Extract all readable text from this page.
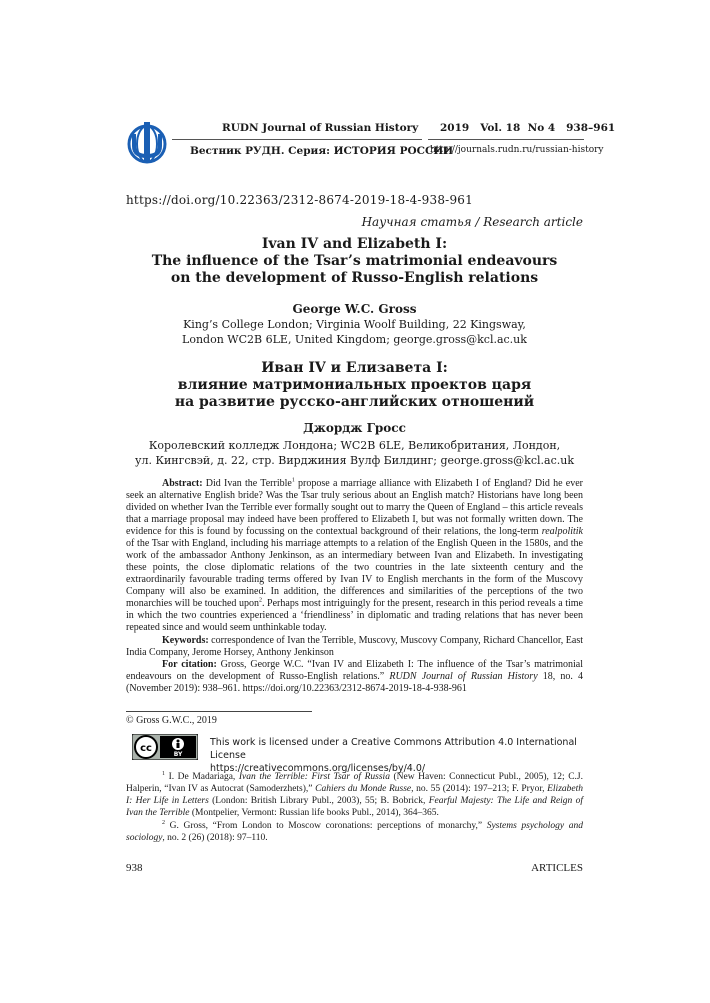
RUDN Journal of Russian History
Вестник РУДН. Серия: ИСТОРИЯ РОССИИ
2019   Vol. 18  No 4   938–961
http://journals.rudn.ru/russian-history
https://doi.org/10.22363/2312-8674-2019-18-4-938-961
Научная статья / Research article
Ivan IV and Elizabeth I:
The influence of the Tsar’s matrimonial endeavours
on the development of Russo-English relations
George W.C. Gross
King’s College London; Virginia Woolf Building, 22 Kingsway,
London WC2B 6LE, United Kingdom; george.gross@kcl.ac.uk
Иван IV и Елизавета I:
влияние матримониальных проектов царя
на развитие русско-английских отношений
Джордж Гросс
Королевский колледж Лондона; WC2B 6LE, Великобритания, Лондон,
ул. Кингсвэй, д. 22, стр. Вирджиния Вулф Билдинг; george.gross@kcl.ac.uk
Abstract: Did Ivan the Terrible$^1$ propose a marriage alliance with Elizabeth I of England? Did he ever seek an alternative English bride? Was the Tsar truly serious about an English match? Historians have long been divided on whether Ivan the Terrible ever formally sought out to marry the Queen of England – this article reveals that a marriage proposal may indeed have been proffered to Elizabeth I, but was not formally written down. The evidence for this is found by focussing on the contextual background of their relations, the long-term realpolitik of the Tsar with England, including his marriage attempts to a relation of the English Queen in the 1580s, and the work of the ambassador Anthony Jenkinson, as an intermediary between Ivan and Elizabeth. In investigating these points, the close diplomatic relations of the two countries in the late sixteenth century and the extraordinarily favourable trading terms offered by Ivan IV to English merchants in the form of the Muscovy Company will also be examined. In addition, the differences and similarities of the perceptions of the two monarchies will be touched upon$^2$. Perhaps most intriguingly for the present, research in this period reveals a time in which the two countries experienced a ‘friendliness’ in diplomatic and trading relations that has never been repeated since and would seem unthinkable today.
Keywords: correspondence of Ivan the Terrible, Muscovy, Muscovy Company, Richard Chancellor, East India Company, Jerome Horsey, Anthony Jenkinson
For citation: Gross, George W.C. “Ivan IV and Elizabeth I: The influence of the Tsar’s matrimonial endeavours on the development of Russo-English relations.” RUDN Journal of Russian History 18, no. 4 (November 2019): 938–961. https://doi.org/10.22363/2312-8674-2019-18-4-938-961
© Gross G.W.C., 2019
cc
BY
This work is licensed under a Creative Commons Attribution 4.0 International License
https://creativecommons.org/licenses/by/4.0/
$^1$ I. De Madariaga, Ivan the Terrible: First Tsar of Russia (New Haven: Connecticut Publ., 2005), 12; C.J. Halperin, “Ivan IV as Autocrat (Samoderzhets),” Cahiers du Monde Russe, no. 55 (2014): 197–213; F. Pryor, Elizabeth I: Her Life in Letters (London: British Library Publ., 2003), 55; B. Bobrick, Fearful Majesty: The Life and Reign of Ivan the Terrible (Montpelier, Vermont: Russian life books Publ., 2014), 364–365.
$^2$ G. Gross, “From London to Moscow coronations: perceptions of monarchy,” Systems psychology and sociology, no. 2 (26) (2018): 97–110.
938	ARTICLES
